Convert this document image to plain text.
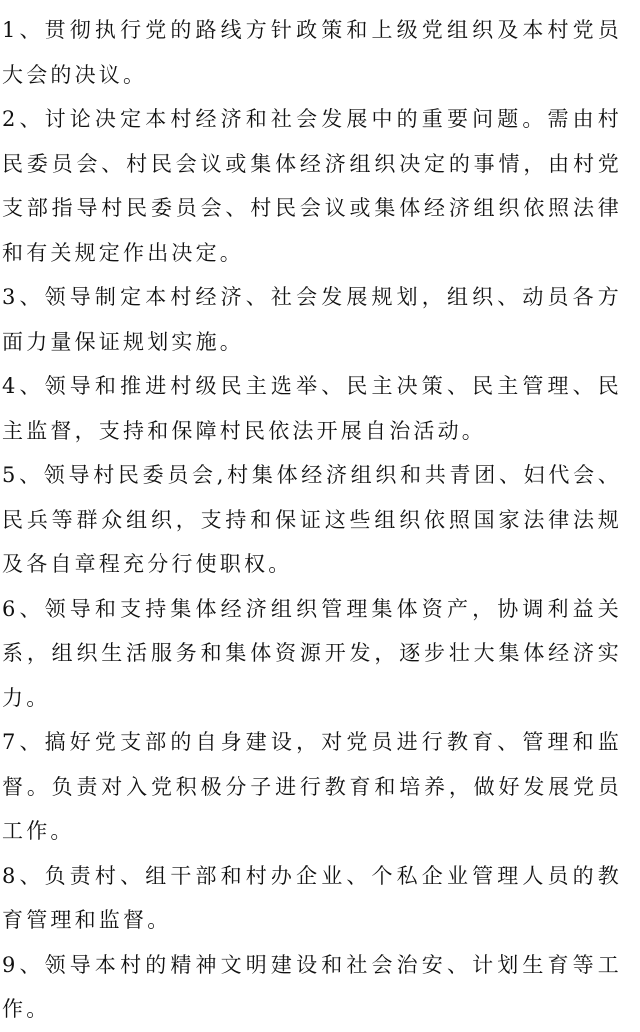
1、贯彻执行党的路线方针政策和上级党组织及本村党员大会的决议。

2、讨论决定本村经济和社会发展中的重要问题。需由村民委员会、村民会议或集体经济组织决定的事情，由村党支部指导村民委员会、村民会议或集体经济组织依照法律和有关规定作出决定。

3、领导制定本村经济、社会发展规划，组织、动员各方面力量保证规划实施。

4、领导和推进村级民主选举、民主决策、民主管理、民主监督，支持和保障村民依法开展自治活动。

5、领导村民委员会,村集体经济组织和共青团、妇代会、民兵等群众组织，支持和保证这些组织依照国家法律法规及各自章程充分行使职权。

6、领导和支持集体经济组织管理集体资产，协调利益关系，组织生活服务和集体资源开发，逐步壮大集体经济实力。

7、搞好党支部的自身建设，对党员进行教育、管理和监督。负责对入党积极分子进行教育和培养，做好发展党员工作。

8、负责村、组干部和村办企业、个私企业管理人员的教育管理和监督。

9、领导本村的精神文明建设和社会治安、计划生育等工作。
